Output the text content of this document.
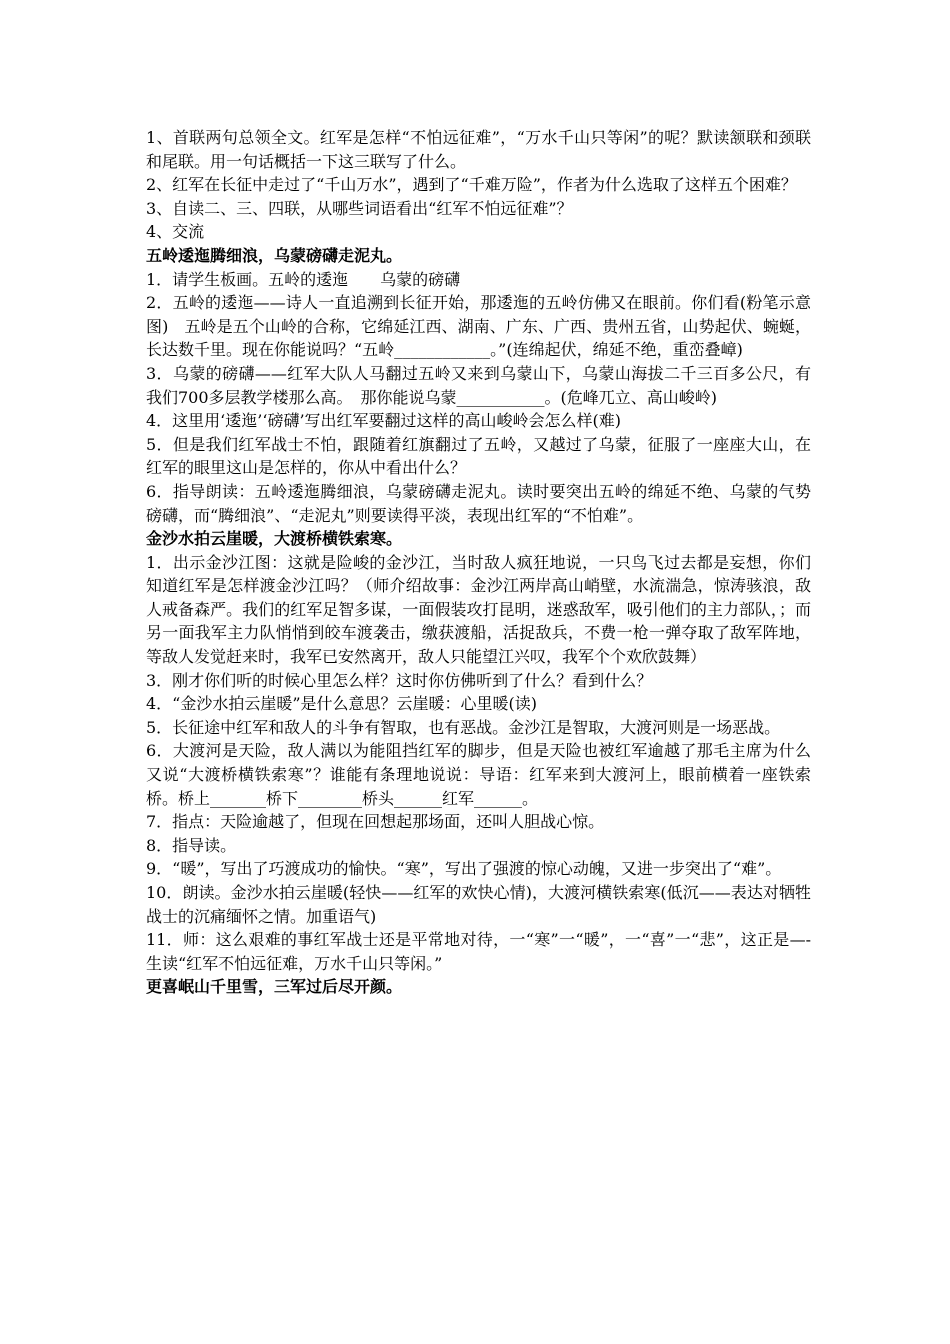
1、首联两句总领全文。红军是怎样“不怕远征难”，“万水千山只等闲”的呢？默读颔联和颈联和尾联。用一句话概括一下这三联写了什么。

2、红军在长征中走过了“千山万水”，遇到了“千难万险”，作者为什么选取了这样五个困难？

3、自读二、三、四联，从哪些词语看出“红军不怕远征难”？

4、交流

五岭逶迤腾细浪，乌蒙磅礴走泥丸。

1．请学生板画。五岭的逶迤　　乌蒙的磅礴

2．五岭的逶迤——诗人一直追溯到长征开始，那逶迤的五岭仿佛又在眼前。你们看(粉笔示意图)　五岭是五个山岭的合称，它绵延江西、湖南、广东、广西、贵州五省，山势起伏、蜿蜒，长达数千里。现在你能说吗？“五岭____________。”(连绵起伏，绵延不绝，重峦叠嶂)

3．乌蒙的磅礴——红军大队人马翻过五岭又来到乌蒙山下，乌蒙山海拔二千三百多公尺，有我们700多层教学楼那么高。　那你能说乌蒙___________。(危峰兀立、高山峻岭)

4．这里用‘逶迤’‘磅礴’写出红军要翻过这样的高山峻岭会怎么样(难)

5．但是我们红军战士不怕，跟随着红旗翻过了五岭，又越过了乌蒙，征服了一座座大山，在红军的眼里这山是怎样的，你从中看出什么？

6．指导朗读：五岭逶迤腾细浪，乌蒙磅礴走泥丸。读时要突出五岭的绵延不绝、乌蒙的气势磅礴，而“腾细浪”、“走泥丸”则要读得平淡，表现出红军的“不怕难”。

金沙水拍云崖暖，大渡桥横铁索寒。

1．出示金沙江图：这就是险峻的金沙江，当时敌人疯狂地说，一只鸟飞过去都是妄想，你们知道红军是怎样渡金沙江吗？（师介绍故事：金沙江两岸高山峭壁，水流湍急，惊涛骇浪，敌人戒备森严。我们的红军足智多谋，一面假装攻打昆明，迷惑敌军，吸引他们的主力部队，；而另一面我军主力队悄悄到皎车渡袭击，缴获渡船，活捉敌兵，不费一枪一弹夺取了敌军阵地，等敌人发觉赶来时，我军已安然离开，敌人只能望江兴叹，我军个个欢欣鼓舞）

3．刚才你们听的时候心里怎么样？这时你仿佛听到了什么？看到什么？

4．“金沙水拍云崖暖”是什么意思？云崖暖：心里暖(读)

5．长征途中红军和敌人的斗争有智取，也有恶战。金沙江是智取，大渡河则是一场恶战。

6．大渡河是天险，敌人满以为能阻挡红军的脚步，但是天险也被红军逾越了那毛主席为什么又说“大渡桥横铁索寒”？谁能有条理地说说：导语：红军来到大渡河上，眼前横着一座铁索桥。桥上_______桥下________桥头______红军______。

7．指点：天险逾越了，但现在回想起那场面，还叫人胆战心惊。

8．指导读。

9．“暖”，写出了巧渡成功的愉快。“寒”，写出了强渡的惊心动魄，又进一步突出了“难”。

10．朗读。金沙水拍云崖暖(轻快——红军的欢快心情)，大渡河横铁索寒(低沉——表达对牺牲战士的沉痛缅怀之情。加重语气)

11．师：这么艰难的事红军战士还是平常地对待，一“寒”一“暖”，一“喜”一“悲”，这正是—-生读“红军不怕远征难，万水千山只等闲。”

更喜岷山千里雪，三军过后尽开颜。
